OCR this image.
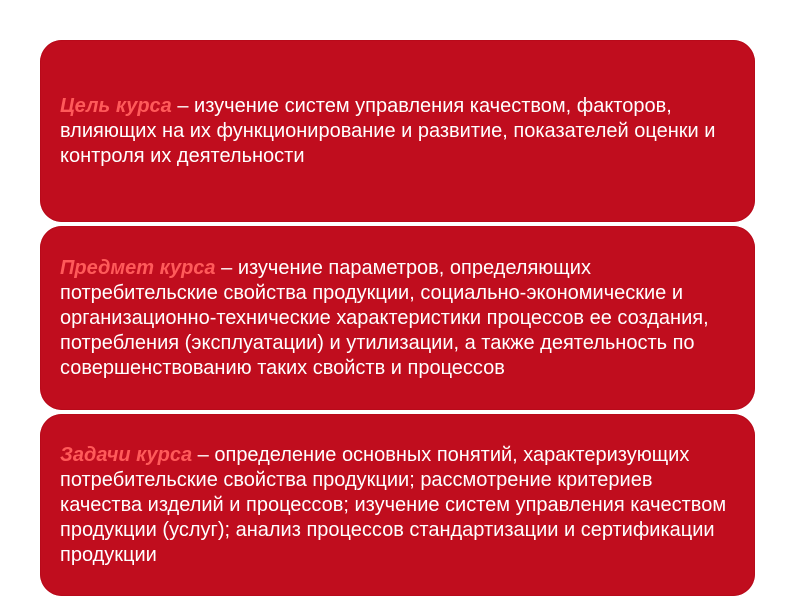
Цель курса – изучение систем управления качеством, факторов, влияющих на их функционирование и развитие, показателей оценки и контроля их деятельности

Предмет курса – изучение параметров, определяющих потребительские свойства продукции, социально-экономические и организационно-технические характеристики процессов ее создания, потребления (эксплуатации) и утилизации, а также деятельность по совершенствованию таких свойств и процессов

Задачи курса – определение основных понятий, характеризующих потребительские свойства продукции; рассмотрение критериев качества изделий и процессов; изучение систем управления качеством продукции (услуг); анализ процессов стандартизации и сертификации продукции
